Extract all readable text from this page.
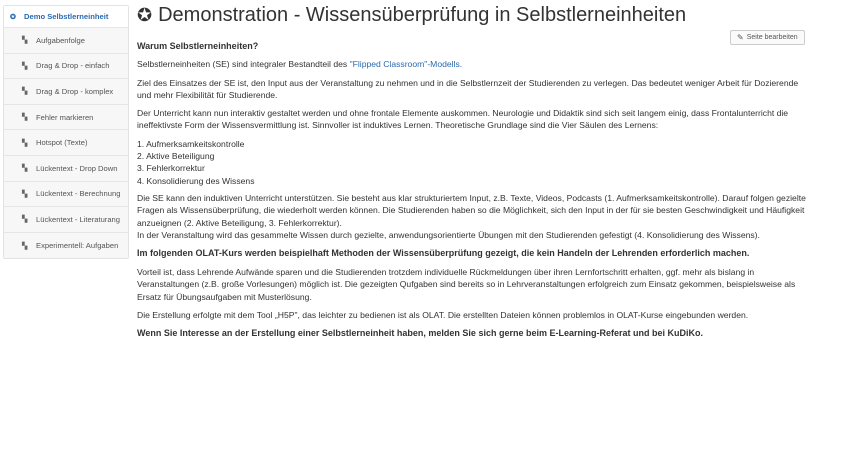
✪	Demo Selbstlerneinheit
▚	Aufgabenfolge
▚	Drag & Drop - einfach
▚	Drag & Drop - komplex
▚	Fehler markieren
▚	Hotspot (Texte)
▚	Lückentext - Drop Down
▚	Lückentext - Berechnung
▚	Lückentext - Literaturang
▚	Experimentell: Aufgaben
✪ Demonstration - Wissensüberprüfung in Selbstlerneinheiten
✎ Seite bearbeiten

Warum Selbstlerneinheiten?

Selbstlerneinheiten (SE) sind integraler Bestandteil des "Flipped Classroom"-Modells.

Ziel des Einsatzes der SE ist, den Input aus der Veranstaltung zu nehmen und in die Selbstlernzeit der Studierenden zu verlegen. Das bedeutet weniger Arbeit für Dozierende und mehr Flexibilität für Studierende.

Der Unterricht kann nun interaktiv gestaltet werden und ohne frontale Elemente auskommen. Neurologie und Didaktik sind sich seit langem einig, dass Frontalunterricht die ineffektivste Form der Wissensvermittlung ist. Sinnvoller ist induktives Lernen. Theoretische Grundlage sind die Vier Säulen des Lernens:

1. Aufmerksamkeitskontrolle
2. Aktive Beteiligung
3. Fehlerkorrektur
4. Konsolidierung des Wissens

Die SE kann den induktiven Unterricht unterstützen. Sie besteht aus klar strukturiertem Input, z.B. Texte, Videos, Podcasts (1. Aufmerksamkeitskontrolle). Darauf folgen gezielte Fragen als Wissensüberprüfung, die wiederholt werden können. Die Studierenden haben so die Möglichkeit, sich den Input in der für sie besten Geschwindigkeit und Häufigkeit anzueignen (2. Aktive Beteiligung, 3. Fehlerkorrektur).
In der Veranstaltung wird das gesammelte Wissen durch gezielte, anwendungsorientierte Übungen mit den Studierenden gefestigt (4. Konsolidierung des Wissens).

Im folgenden OLAT-Kurs werden beispielhaft Methoden der Wissensüberprüfung gezeigt, die kein Handeln der Lehrenden erforderlich machen.

Vorteil ist, dass Lehrende Aufwände sparen und die Studierenden trotzdem individuelle Rückmeldungen über ihren Lernfortschritt erhalten, ggf. mehr als bislang in Veranstaltungen (z.B. große Vorlesungen) möglich ist. Die gezeigten Qufgaben sind bereits so in Lehrveranstaltungen erfolgreich zum Einsatz gekommen, beispielsweise als Ersatz für Übungsaufgaben mit Musterlösung.

Die Erstellung erfolgte mit dem Tool „H5P", das leichter zu bedienen ist als OLAT. Die erstellten Dateien können problemlos in OLAT-Kurse eingebunden werden.

Wenn Sie Interesse an der Erstellung einer Selbstlerneinheit haben, melden Sie sich gerne beim E-Learning-Referat und bei KuDiKo.
